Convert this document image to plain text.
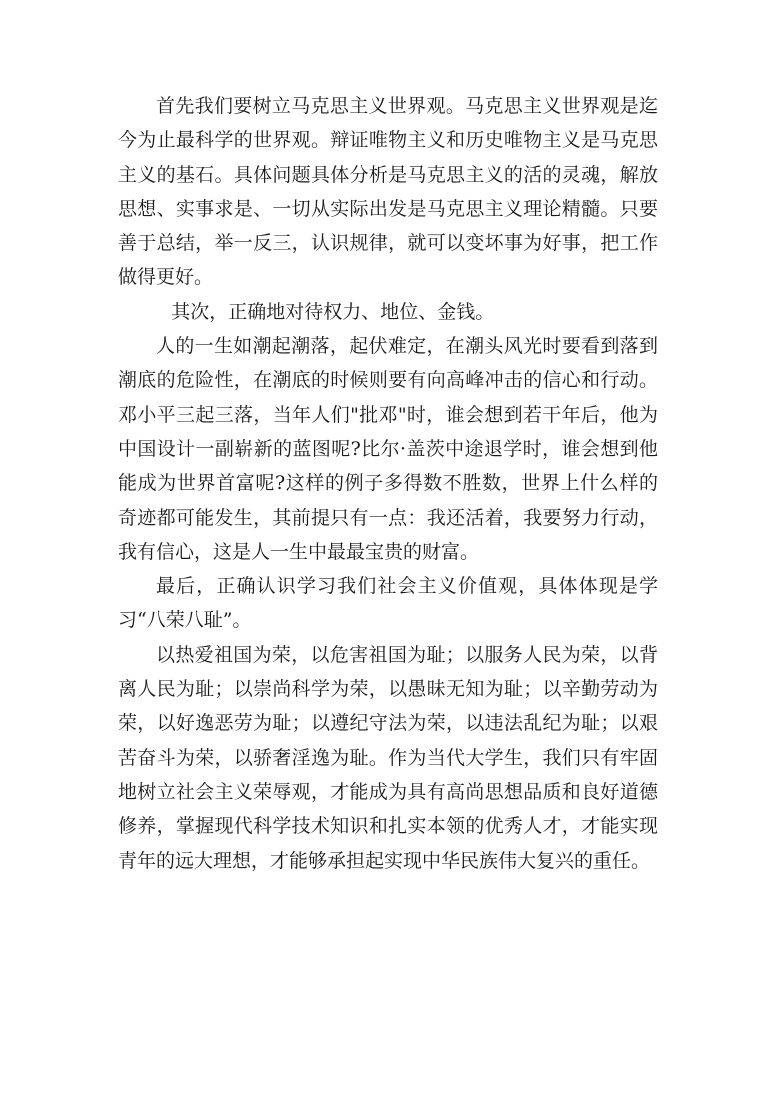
首先我们要树立马克思主义世界观。马克思主义世界观是迄今为止最科学的世界观。辩证唯物主义和历史唯物主义是马克思主义的基石。具体问题具体分析是马克思主义的活的灵魂，解放思想、实事求是、一切从实际出发是马克思主义理论精髓。只要善于总结，举一反三，认识规律，就可以变坏事为好事，把工作做得更好。

其次，正确地对待权力、地位、金钱。

人的一生如潮起潮落，起伏难定，在潮头风光时要看到落到潮底的危险性，在潮底的时候则要有向高峰冲击的信心和行动。邓小平三起三落，当年人们"批邓"时，谁会想到若干年后，他为中国设计一副崭新的蓝图呢?比尔·盖茨中途退学时，谁会想到他能成为世界首富呢?这样的例子多得数不胜数，世界上什么样的奇迹都可能发生，其前提只有一点：我还活着，我要努力行动，我有信心，这是人一生中最最宝贵的财富。

最后，正确认识学习我们社会主义价值观，具体体现是学习“八荣八耻”。

以热爱祖国为荣，以危害祖国为耻；以服务人民为荣，以背离人民为耻；以崇尚科学为荣，以愚昧无知为耻；以辛勤劳动为荣，以好逸恶劳为耻；以遵纪守法为荣，以违法乱纪为耻；以艰苦奋斗为荣，以骄奢淫逸为耻。作为当代大学生，我们只有牢固地树立社会主义荣辱观，才能成为具有高尚思想品质和良好道德修养，掌握现代科学技术知识和扎实本领的优秀人才，才能实现青年的远大理想，才能够承担起实现中华民族伟大复兴的重任。
